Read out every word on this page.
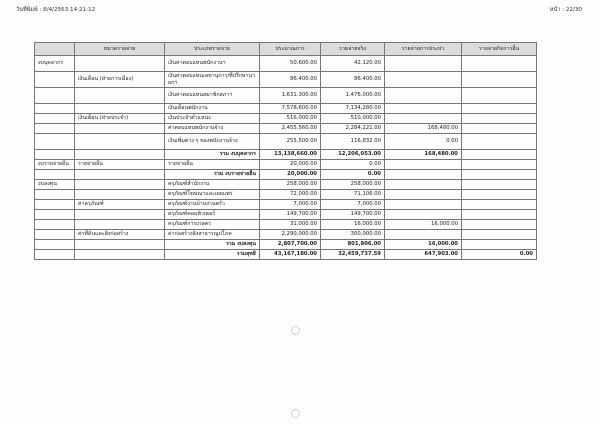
วันที่พิมพ์ : 8/4/2563 14:21:12	หน้า : 22/30
	หมวดรายจ่าย	ประเภทรายจ่าย	ประมาณการ	รวมจ่ายจริง	รายจ่ายการประปา	รายจ่ายกิจการอื่น
งบบุคลากร		เงินค่าตอบแทนพนักงานฯ	50,600.00	42,120.00		
	เงินเดือน (ฝ่ายการเมือง)	เงินค่าตอบแทนเลขานุการ/ที่ปรึกษานายกฯ	86,400.00	86,400.00		
		เงินค่าตอบแทนสมาชิกสภาฯ	1,631,300.00	1,476,000.00		
		เงินเดือนพนักงาน	7,578,600.00	7,134,280.00		
	เงินเดือน (ฝ่ายประจำ)	เงินประจำตำแหน่ง	516,000.00	510,000.00		
		ค่าตอบแทนพนักงานจ้าง	2,455,560.00	2,284,221.00	168,480.00	
		เงินเพิ่มต่าง ๆ ของพนักงานจ้าง	255,500.00	116,832.00	0.00	
		รวม งบบุคลากร	13,138,660.00	12,206,053.00	168,480.00	
งบรายจ่ายอื่น	รายจ่ายอื่น	รายจ่ายอื่น	20,000.00	0.00		
		รวม งบรายจ่ายอื่น	20,000.00	0.00		
งบลงทุน		ครุภัณฑ์สำนักงาน	258,000.00	258,000.00		
		ครุภัณฑ์โฆษณาและเผยแพร่	72,000.00	71,106.00		
	ค่าครุภัณฑ์	ครุภัณฑ์งานบ้านงานครัว	7,000.00	7,000.00		
		ครุภัณฑ์คอมพิวเตอร์	149,700.00	149,700.00		
		ครุภัณฑ์การเกษตร	31,000.00	16,000.00	16,000.00	
	ค่าที่ดินและสิ่งก่อสร้าง	ค่าก่อสร้างสิ่งสาธารณูปโภค	2,290,000.00	300,000.00		
		รวม งบลงทุน	2,807,700.00	801,806.00	16,000.00	
		รวมสุทธิ	43,167,180.00	32,459,737.59	647,903.00	0.00
